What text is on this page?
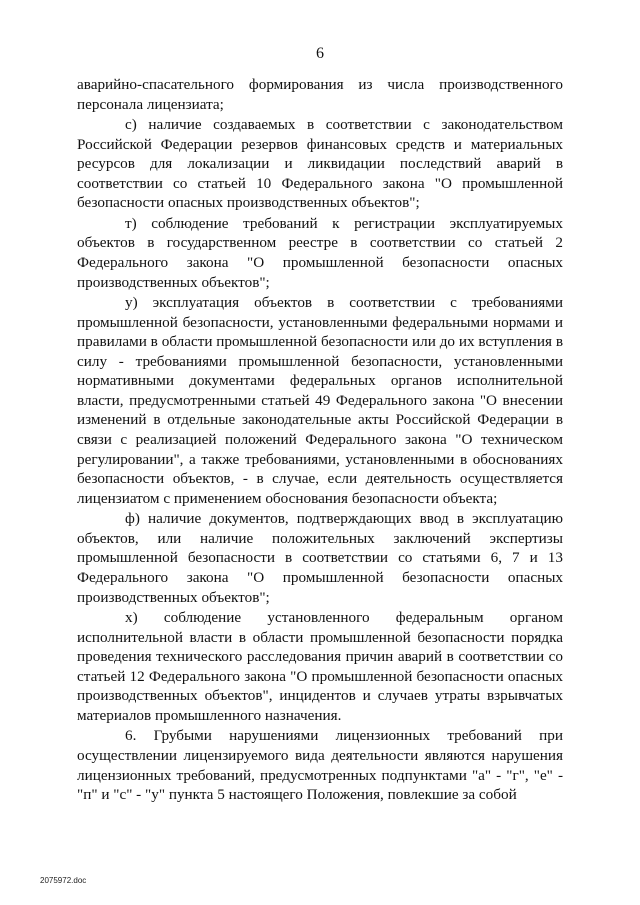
6

аварийно-спасательного формирования из числа производственного персонала лицензиата;

с) наличие создаваемых в соответствии с законодательством Российской Федерации резервов финансовых средств и материальных ресурсов для локализации и ликвидации последствий аварий в соответствии со статьей 10 Федерального закона "О промышленной безопасности опасных производственных объектов";

т) соблюдение требований к регистрации эксплуатируемых объектов в государственном реестре в соответствии со статьей 2 Федерального закона "О промышленной безопасности опасных производственных объектов";

у) эксплуатация объектов в соответствии с требованиями промышленной безопасности, установленными федеральными нормами и правилами в области промышленной безопасности или до их вступления в силу - требованиями промышленной безопасности, установленными нормативными документами федеральных органов исполнительной власти, предусмотренными статьей 49 Федерального закона "О внесении изменений в отдельные законодательные акты Российской Федерации в связи с реализацией положений Федерального закона "О техническом регулировании", а также требованиями, установленными в обоснованиях безопасности объектов, - в случае, если деятельность осуществляется лицензиатом с применением обоснования безопасности объекта;

ф) наличие документов, подтверждающих ввод в эксплуатацию объектов, или наличие положительных заключений экспертизы промышленной безопасности в соответствии со статьями 6, 7 и 13 Федерального закона "О промышленной безопасности опасных производственных объектов";

х) соблюдение установленного федеральным органом исполнительной власти в области промышленной безопасности порядка проведения технического расследования причин аварий в соответствии со статьей 12 Федерального закона "О промышленной безопасности опасных производственных объектов", инцидентов и случаев утраты взрывчатых материалов промышленного назначения.

6. Грубыми нарушениями лицензионных требований при осуществлении лицензируемого вида деятельности являются нарушения лицензионных требований, предусмотренных подпунктами "а" - "г", "е" - "п" и "с" - "у" пункта 5 настоящего Положения, повлекшие за собой

2075972.doc
